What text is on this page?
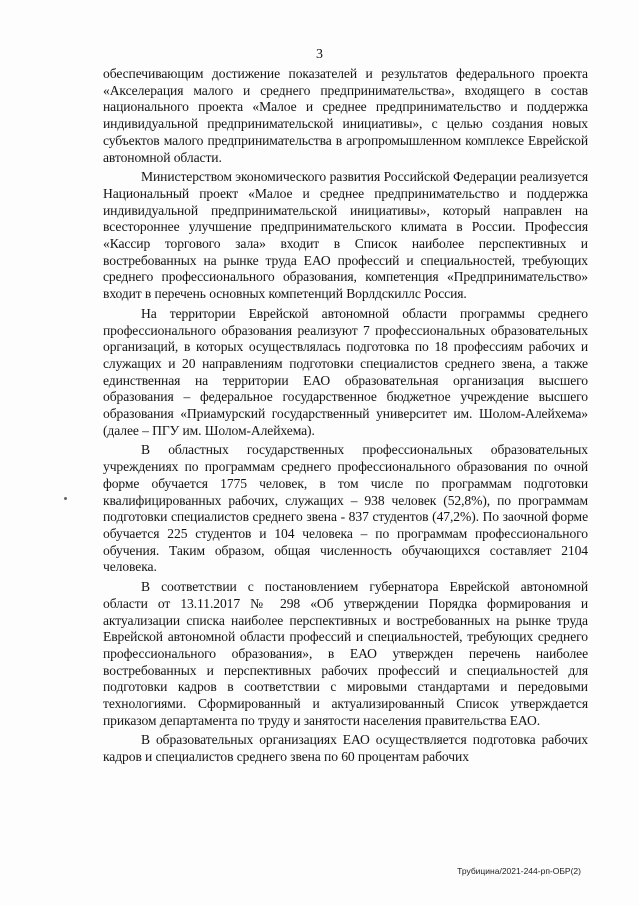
3

обеспечивающим достижение показателей и результатов федерального проекта «Акселерация малого и среднего предпринимательства», входящего в состав национального проекта «Малое и среднее предпринимательство и поддержка индивидуальной предпринимательской инициативы», с целью создания новых субъектов малого предпринимательства в агропромышленном комплексе Еврейской автономной области.

Министерством экономического развития Российской Федерации реализуется Национальный проект «Малое и среднее предпринимательство и поддержка индивидуальной предпринимательской инициативы», который направлен на всестороннее улучшение предпринимательского климата в России. Профессия «Кассир торгового зала» входит в Список наиболее перспективных и востребованных на рынке труда ЕАО профессий и специальностей, требующих среднего профессионального образования, компетенция «Предпринимательство» входит в перечень основных компетенций Ворлдскиллс Россия.

На территории Еврейской автономной области программы среднего профессионального образования реализуют 7 профессиональных образовательных организаций, в которых осуществлялась подготовка по 18 профессиям рабочих и служащих и 20 направлениям подготовки специалистов среднего звена, а также единственная на территории ЕАО образовательная организация высшего образования – федеральное государственное бюджетное учреждение высшего образования «Приамурский государственный университет им. Шолом-Алейхема» (далее – ПГУ им. Шолом-Алейхема).

В областных государственных профессиональных образовательных учреждениях по программам среднего профессионального образования по очной форме обучается 1775 человек, в том числе по программам подготовки квалифицированных рабочих, служащих – 938 человек (52,8%), по программам подготовки специалистов среднего звена - 837 студентов (47,2%). По заочной форме обучается 225 студентов и 104 человека – по программам профессионального обучения. Таким образом, общая численность обучающихся составляет 2104 человека.

В соответствии с постановлением губернатора Еврейской автономной области от 13.11.2017 № 298 «Об утверждении Порядка формирования и актуализации списка наиболее перспективных и востребованных на рынке труда Еврейской автономной области профессий и специальностей, требующих среднего профессионального образования», в ЕАО утвержден перечень наиболее востребованных и перспективных рабочих профессий и специальностей для подготовки кадров в соответствии с мировыми стандартами и передовыми технологиями. Сформированный и актуализированный Список утверждается приказом департамента по труду и занятости населения правительства ЕАО.

В образовательных организациях ЕАО осуществляется подготовка рабочих кадров и специалистов среднего звена по 60 процентам рабочих

Трубицина/2021-244-рп-ОБР(2)
